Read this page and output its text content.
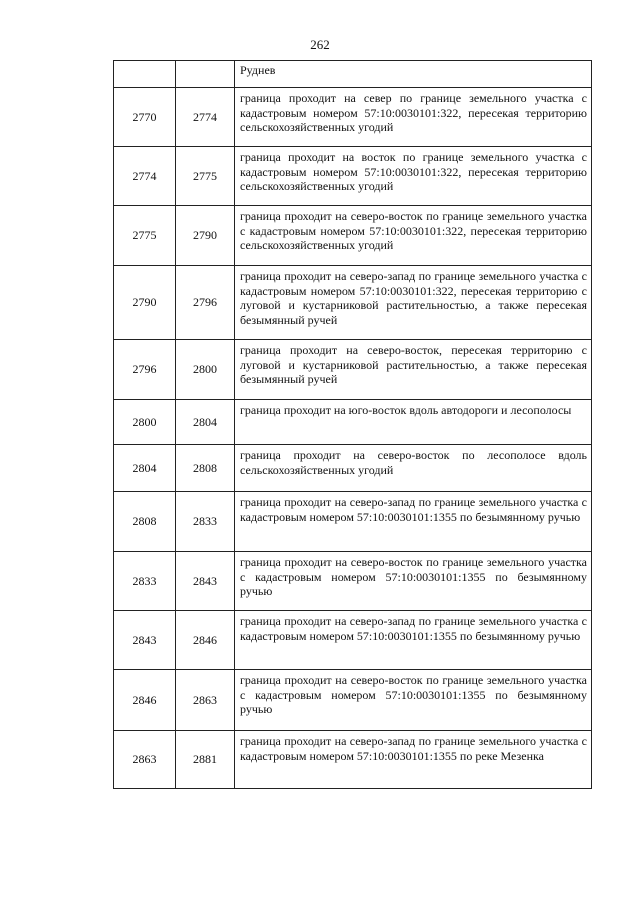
262
		Руднев
2770	2774	граница проходит на север по границе земельного участка с кадастровым номером 57:10:0030101:322, пересекая территорию сельскохозяйственных угодий
2774	2775	граница проходит на восток по границе земельного участка с кадастровым номером 57:10:0030101:322, пересекая территорию сельскохозяйственных угодий
2775	2790	граница проходит на северо-восток по границе земельного участка с кадастровым номером 57:10:0030101:322, пересекая территорию сельскохозяйственных угодий
2790	2796	граница проходит на северо-запад по границе земельного участка с кадастровым номером 57:10:0030101:322, пересекая территорию с луговой и кустарниковой растительностью, а также пересекая безымянный ручей
2796	2800	граница проходит на северо-восток, пересекая территорию с луговой и кустарниковой растительностью, а также пересекая безымянный ручей
2800	2804	граница проходит на юго-восток вдоль автодороги и лесополосы
2804	2808	граница проходит на северо-восток по лесополосе вдоль сельскохозяйственных угодий
2808	2833	граница проходит на северо-запад по границе земельного участка с кадастровым номером 57:10:0030101:1355 по безымянному ручью
2833	2843	граница проходит на северо-восток по границе земельного участка с кадастровым номером 57:10:0030101:1355 по безымянному ручью
2843	2846	граница проходит на северо-запад по границе земельного участка с кадастровым номером 57:10:0030101:1355 по безымянному ручью
2846	2863	граница проходит на северо-восток по границе земельного участка с кадастровым номером 57:10:0030101:1355 по безымянному ручью
2863	2881	граница проходит на северо-запад по границе земельного участка с кадастровым номером 57:10:0030101:1355 по реке Мезенка
